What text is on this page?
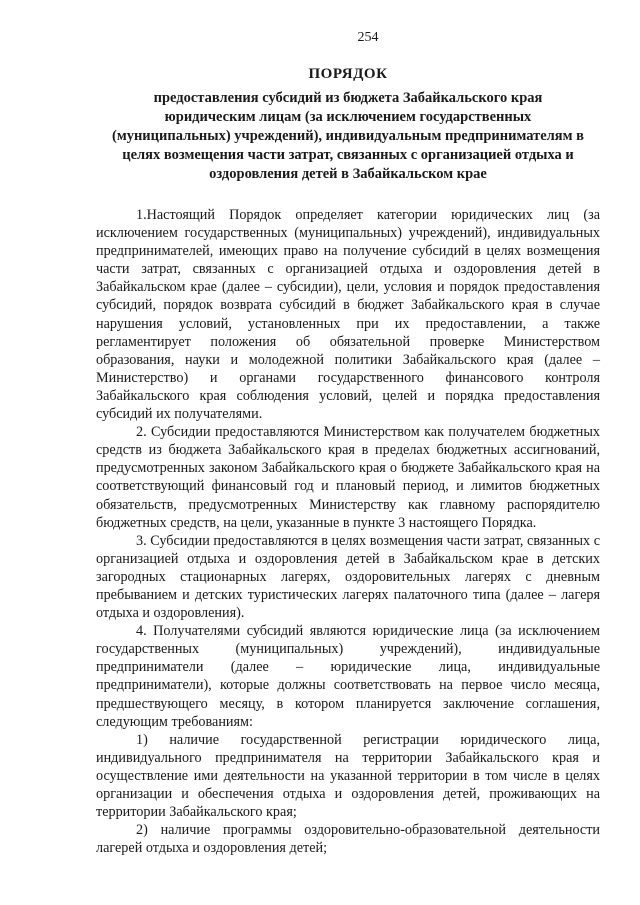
254
ПОРЯДОК
предоставления субсидий из бюджета Забайкальского края
юридическим лицам (за исключением государственных
(муниципальных) учреждений), индивидуальным предпринимателям в
целях возмещения части затрат, связанных с организацией отдыха и
оздоровления детей в Забайкальском крае

1.Настоящий Порядок определяет категории юридических лиц (за исключением государственных (муниципальных) учреждений), индивидуальных предпринимателей, имеющих право на получение субсидий в целях возмещения части затрат, связанных с организацией отдыха и оздоровления детей в Забайкальском крае (далее – субсидии), цели, условия и порядок предоставления субсидий, порядок возврата субсидий в бюджет Забайкальского края в случае нарушения условий, установленных при их предоставлении, а также регламентирует положения об обязательной проверке Министерством образования, науки и молодежной политики Забайкальского края (далее – Министерство) и органами государственного финансового контроля Забайкальского края соблюдения условий, целей и порядка предоставления субсидий их получателями.

2. Субсидии предоставляются Министерством как получателем бюджетных средств из бюджета Забайкальского края в пределах бюджетных ассигнований, предусмотренных законом Забайкальского края о бюджете Забайкальского края на соответствующий финансовый год и плановый период, и лимитов бюджетных обязательств, предусмотренных Министерству как главному распорядителю бюджетных средств, на цели, указанные в пункте 3 настоящего Порядка.

3. Субсидии предоставляются в целях возмещения части затрат, связанных с организацией отдыха и оздоровления детей в Забайкальском крае в детских загородных стационарных лагерях, оздоровительных лагерях с дневным пребыванием и детских туристических лагерях палаточного типа (далее – лагеря отдыха и оздоровления).

4. Получателями субсидий являются юридические лица (за исключением государственных (муниципальных) учреждений), индивидуальные предприниматели (далее – юридические лица, индивидуальные предприниматели), которые должны соответствовать на первое число месяца, предшествующего месяцу, в котором планируется заключение соглашения, следующим требованиям:

1) наличие государственной регистрации юридического лица, индивидуального предпринимателя на территории Забайкальского края и осуществление ими деятельности на указанной территории в том числе в целях организации и обеспечения отдыха и оздоровления детей, проживающих на территории Забайкальского края;

2) наличие программы оздоровительно-образовательной деятельности лагерей отдыха и оздоровления детей;
